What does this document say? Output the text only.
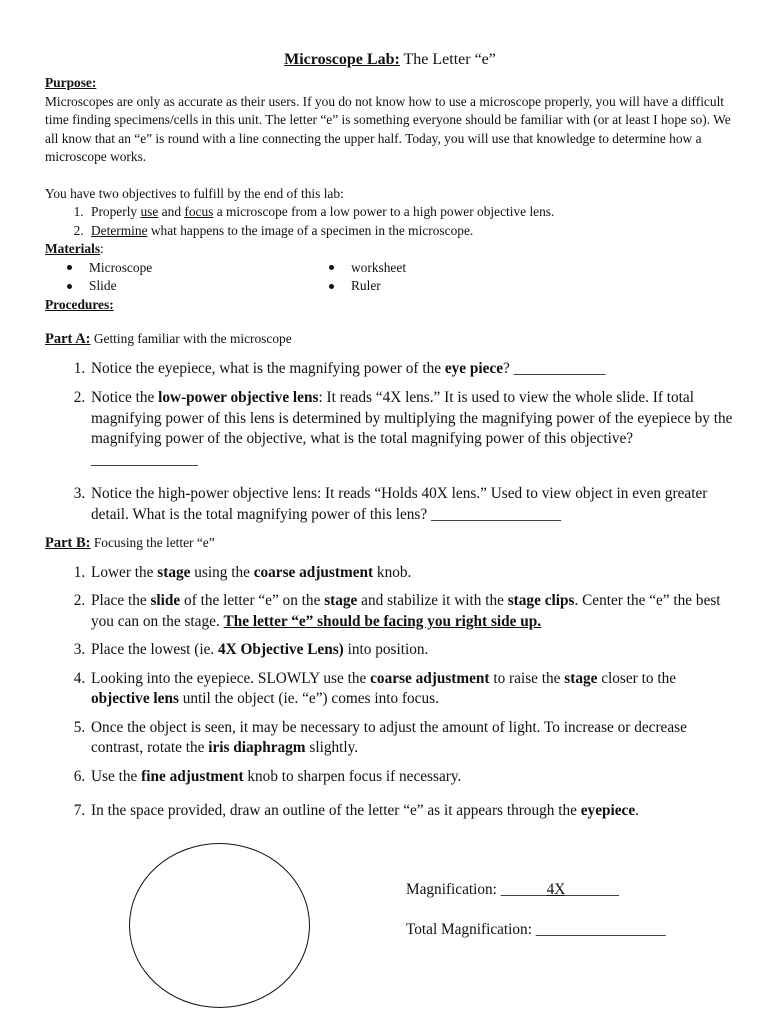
Microscope Lab: The Letter “e”
Purpose:

Microscopes are only as accurate as their users. If you do not know how to use a microscope properly, you will have a difficult time finding specimens/cells in this unit. The letter “e” is something everyone should be familiar with (or at least I hope so). We all know that an “e” is round with a line connecting the upper half. Today, you will use that knowledge to determine how a microscope works.

You have two objectives to fulfill by the end of this lab:

1. Properly use and focus a microscope from a low power to a high power objective lens.
2. Determine what happens to the image of a specimen in the microscope.
Materials:
Microscope	worksheet
Slide	Ruler
Procedures:
Part A: Getting familiar with the microscope
1. Notice the eyepiece, what is the magnifying power of the eye piece? ____________
2. Notice the low-power objective lens: It reads “4X lens.” It is used to view the whole slide. If total magnifying power of this lens is determined by multiplying the magnifying power of the eyepiece by the magnifying power of the objective, what is the total magnifying power of this objective? ______________
3. Notice the high-power objective lens: It reads “Holds 40X lens.” Used to view object in even greater detail. What is the total magnifying power of this lens? _________________
Part B: Focusing the letter “e”
1. Lower the stage using the coarse adjustment knob.
2. Place the slide of the letter “e” on the stage and stabilize it with the stage clips. Center the “e” the best you can on the stage. The letter “e” should be facing you right side up.
3. Place the lowest (ie. 4X Objective Lens) into position.
4. Looking into the eyepiece. SLOWLY use the coarse adjustment to raise the stage closer to the objective lens until the object (ie. “e”) comes into focus.
5. Once the object is seen, it may be necessary to adjust the amount of light. To increase or decrease contrast, rotate the iris diaphragm slightly.
6. Use the fine adjustment knob to sharpen focus if necessary.
7. In the space provided, draw an outline of the letter “e” as it appears through the eyepiece.
Magnification: ______4X_______
Total Magnification: _________________
